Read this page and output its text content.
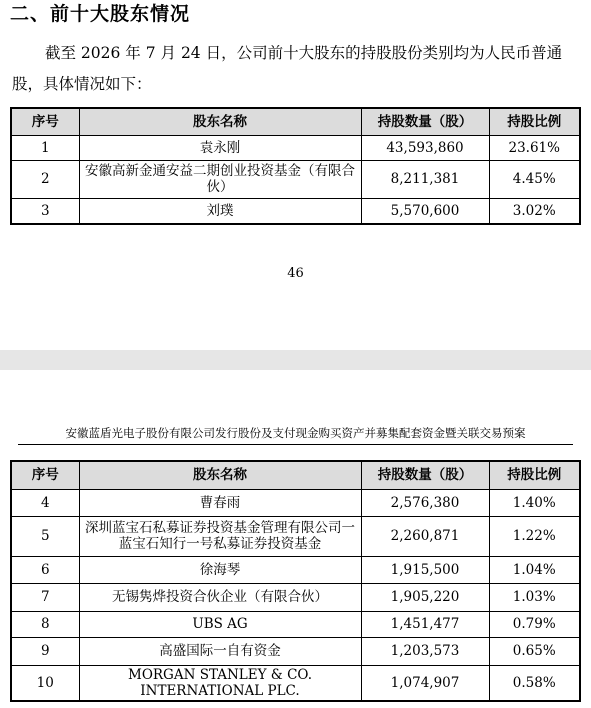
二、前十大股东情况

截至 2026 年 7 月 24 日，公司前十大股东的持股股份类别均为人民币普通股，具体情况如下：

序号	股东名称	持股数量（股）	持股比例
1	袁永刚	43,593,860	23.61%
2	安徽高新金通安益二期创业投资基金（有限合伙）	8,211,381	4.45%
3	刘璞	5,570,600	3.02%
46
安徽蓝盾光电子股份有限公司发行股份及支付现金购买资产并募集配套资金暨关联交易预案
序号	股东名称	持股数量（股）	持股比例
4	曹春雨	2,576,380	1.40%
5	深圳蓝宝石私募证券投资基金管理有限公司一蓝宝石知行一号私募证券投资基金	2,260,871	1.22%
6	徐海琴	1,915,500	1.04%
7	无锡隽烨投资合伙企业（有限合伙）	1,905,220	1.03%
8	UBS AG	1,451,477	0.79%
9	高盛国际一自有资金	1,203,573	0.65%
10	MORGAN STANLEY & CO. INTERNATIONAL PLC.	1,074,907	0.58%
